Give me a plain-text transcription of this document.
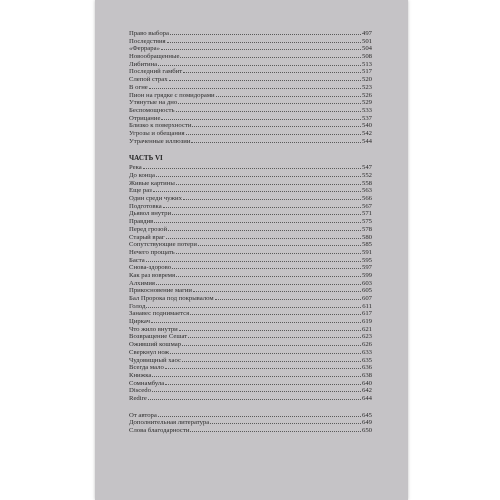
Право выбора	497
Последствия	501
«Феррара»	504
Новообращенные	508
Либитина	513
Последний гамбит	517
Слепой страх	520
В огне	523
Пион на грядке с помидорами	526
Утянутые на дно	529
Беспомощность	533
Отрицание	537
Близко к поверхности	540
Угрозы и обещания	542
Утраченные иллюзии	544
ЧАСТЬ VI
Река	547
До конца	552
Живые картины	558
Еще раз	563
Один среди чужих	566
Подготовка	567
Дьявол внутри	571
Правдив	575
Перед грозой	578
Старый враг	580
Сопутствующие потери	585
Нечего прощать	591
Баста	595
Снова-здорово	597
Как раз вовремя	599
Алхимия	603
Прикосновение магии	605
Бал Пророка под покрывалом	607
Голод	611
Занавес поднимается	617
Циркач	619
Что жило внутри	621
Возвращение Сешат	623
Оживший кошмар	626
Сверкнул нож	633
Чудовищный хаос	635
Всегда мало	636
Книжка	638
Сомнамбула	640
Discedo	642
Redire	644
От автора	645
Дополнительная литература	649
Слова благодарности	650
